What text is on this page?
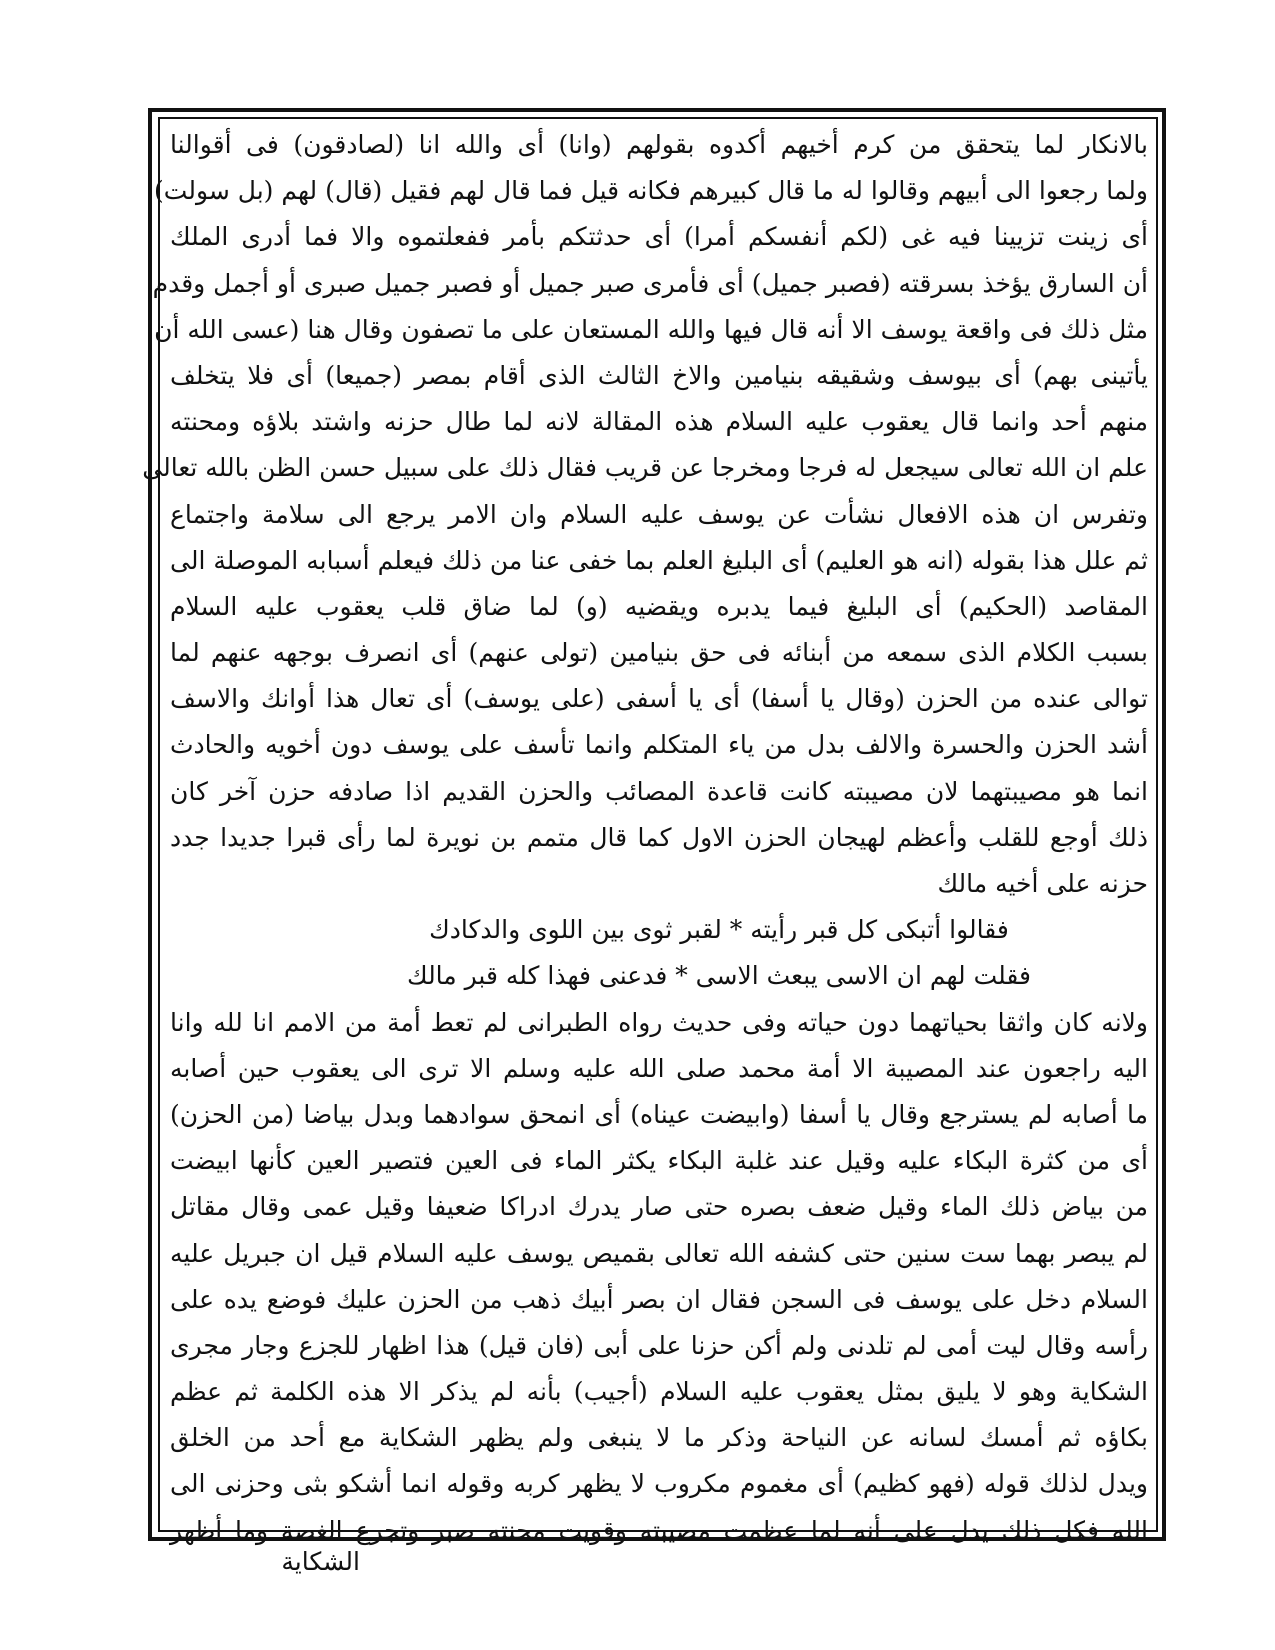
بالانكار لما يتحقق من كرم أخيهم أكدوه بقولهم (وانا) أى والله انا (لصادقون) فى أقوالنا
ولما رجعوا الى أبيهم وقالوا له ما قال كبيرهم فكانه قيل فما قال لهم فقيل (قال) لهم (بل سولت)
أى زينت تزيينا فيه غى (لكم أنفسكم أمرا) أى حدثتكم بأمر ففعلتموه والا فما أدرى الملك
أن السارق يؤخذ بسرقته (فصبر جميل) أى فأمرى صبر جميل أو فصبر جميل صبرى أو أجمل وقدم
مثل ذلك فى واقعة يوسف الا أنه قال فيها والله المستعان على ما تصفون وقال هنا (عسى الله أن
يأتينى بهم) أى بيوسف وشقيقه بنيامين والاخ الثالث الذى أقام بمصر (جميعا) أى فلا يتخلف
منهم أحد وانما قال يعقوب عليه السلام هذه المقالة لانه لما طال حزنه واشتد بلاؤه ومحنته
علم ان الله تعالى سيجعل له فرجا ومخرجا عن قريب فقال ذلك على سبيل حسن الظن بالله تعالى
وتفرس ان هذه الافعال نشأت عن يوسف عليه السلام وان الامر يرجع الى سلامة واجتماع
ثم علل هذا بقوله (انه هو العليم) أى البليغ العلم بما خفى عنا من ذلك فيعلم أسبابه الموصلة الى
المقاصد (الحكيم) أى البليغ فيما يدبره ويقضيه (و) لما ضاق قلب يعقوب عليه السلام
بسبب الكلام الذى سمعه من أبنائه فى حق بنيامين (تولى عنهم) أى انصرف بوجهه عنهم لما
توالى عنده من الحزن (وقال يا أسفا) أى يا أسفى (على يوسف) أى تعال هذا أوانك والاسف
أشد الحزن والحسرة والالف بدل من ياء المتكلم وانما تأسف على يوسف دون أخويه والحادث
انما هو مصيبتهما لان مصيبته كانت قاعدة المصائب والحزن القديم اذا صادفه حزن آخر كان
ذلك أوجع للقلب وأعظم لهيجان الحزن الاول كما قال متمم بن نويرة لما رأى قبرا جديدا جدد
حزنه على أخيه مالك
فقالوا أتبكى كل قبر رأيته * لقبر ثوى بين اللوى والدكادك
فقلت لهم ان الاسى يبعث الاسى * فدعنى فهذا كله قبر مالك
ولانه كان واثقا بحياتهما دون حياته وفى حديث رواه الطبرانى لم تعط أمة من الامم انا لله وانا
اليه راجعون عند المصيبة الا أمة محمد صلى الله عليه وسلم الا ترى الى يعقوب حين أصابه
ما أصابه لم يسترجع وقال يا أسفا (وابيضت عيناه) أى انمحق سوادهما وبدل بياضا (من الحزن)
أى من كثرة البكاء عليه وقيل عند غلبة البكاء يكثر الماء فى العين فتصير العين كأنها ابيضت
من بياض ذلك الماء وقيل ضعف بصره حتى صار يدرك ادراكا ضعيفا وقيل عمى وقال مقاتل
لم يبصر بهما ست سنين حتى كشفه الله تعالى بقميص يوسف عليه السلام قيل ان جبريل عليه
السلام دخل على يوسف فى السجن فقال ان بصر أبيك ذهب من الحزن عليك فوضع يده على
رأسه وقال ليت أمى لم تلدنى ولم أكن حزنا على أبى (فان قيل) هذا اظهار للجزع وجار مجرى
الشكاية وهو لا يليق بمثل يعقوب عليه السلام (أجيب) بأنه لم يذكر الا هذه الكلمة ثم عظم
بكاؤه ثم أمسك لسانه عن النياحة وذكر ما لا ينبغى ولم يظهر الشكاية مع أحد من الخلق
ويدل لذلك قوله (فهو كظيم) أى مغموم مكروب لا يظهر كربه وقوله انما أشكو بثى وحزنى الى
الله فكل ذلك يدل على أنه لما عظمت مصيبته وقويت محنته صبر وتجرع الغصة وما أظهر
الشكاية
